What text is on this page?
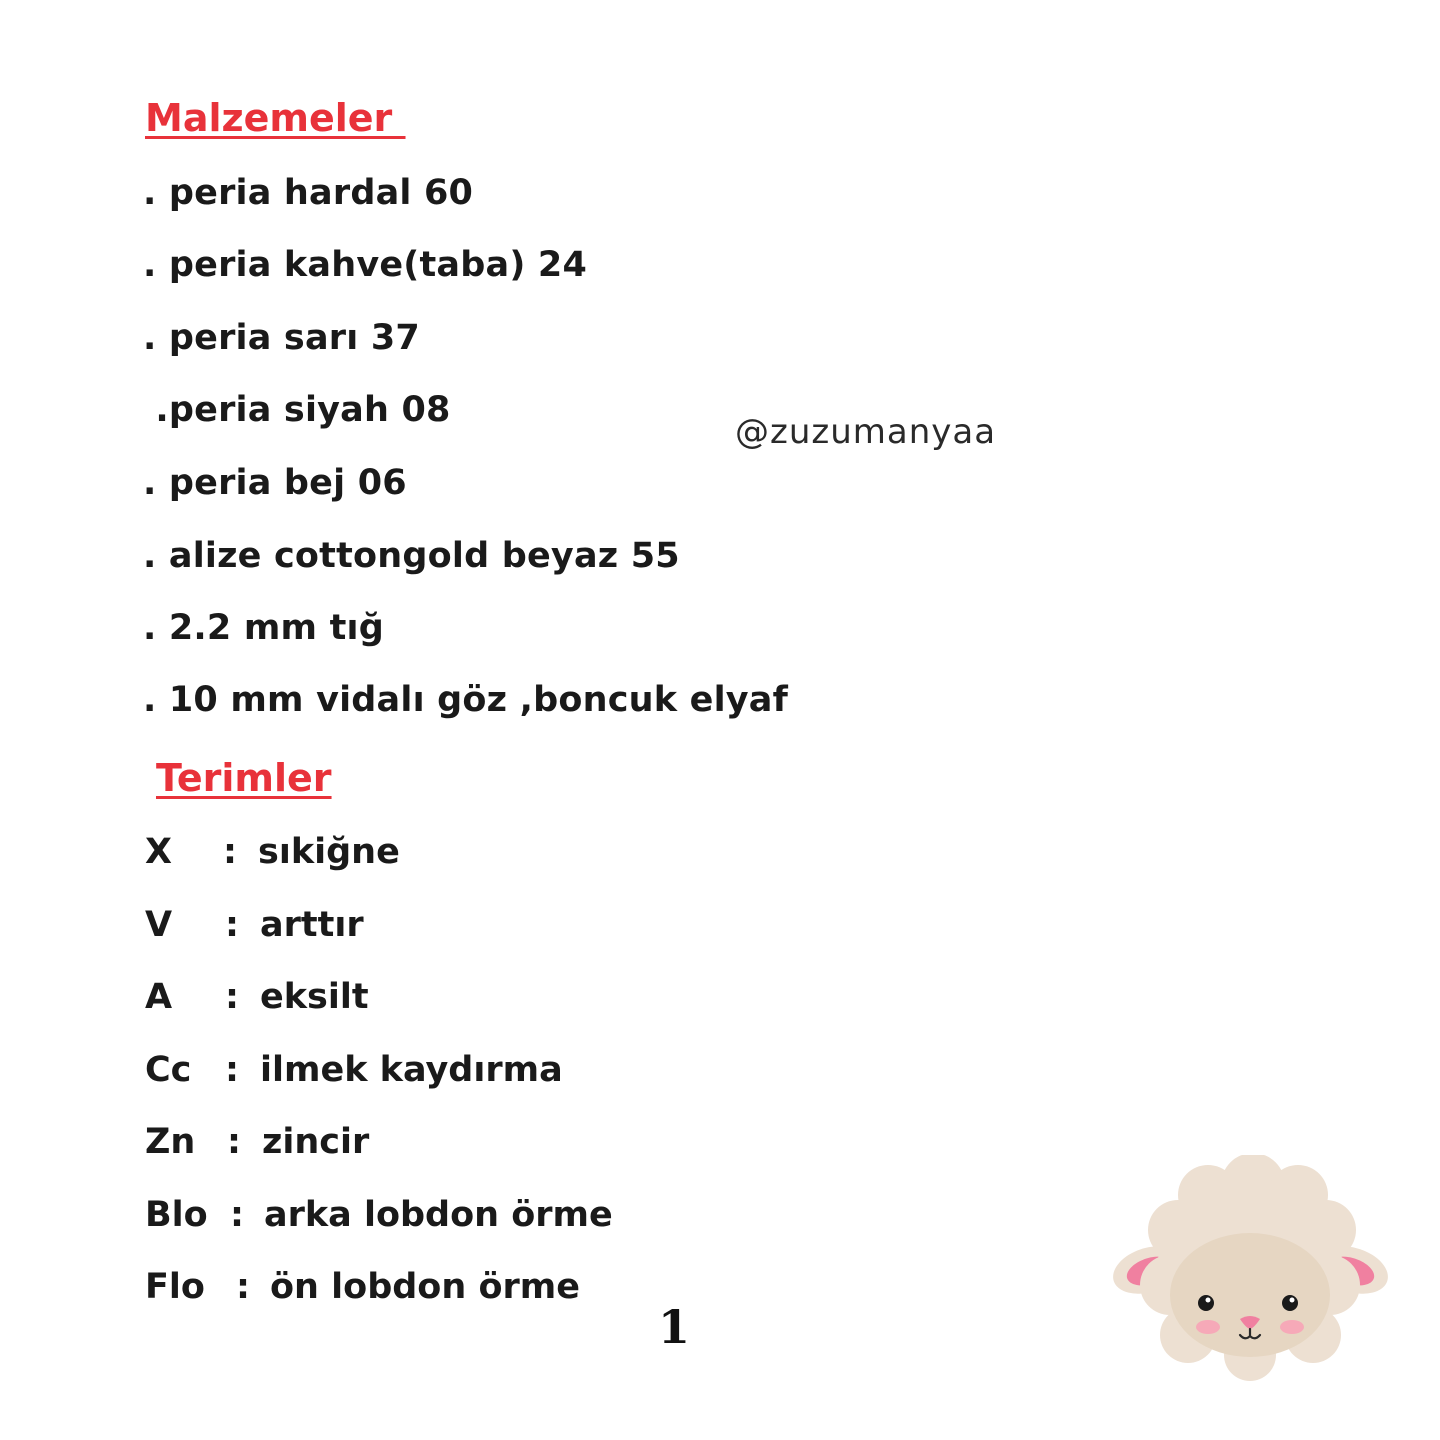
Malzemeler
. peria hardal 60
. peria kahve(taba) 24
. peria sarı 37
.peria siyah 08
. peria bej 06
. alize cottongold beyaz 55
. 2.2 mm tığ
. 10 mm vidalı göz ,boncuk elyaf
@zuzumanyaa
Terimler
X : sıkiğne
V : arttır
A : eksilt
Cc : ilmek kaydırma
Zn : zincir
Blo : arka lobdon örme
Flo : ön lobdon örme
1
